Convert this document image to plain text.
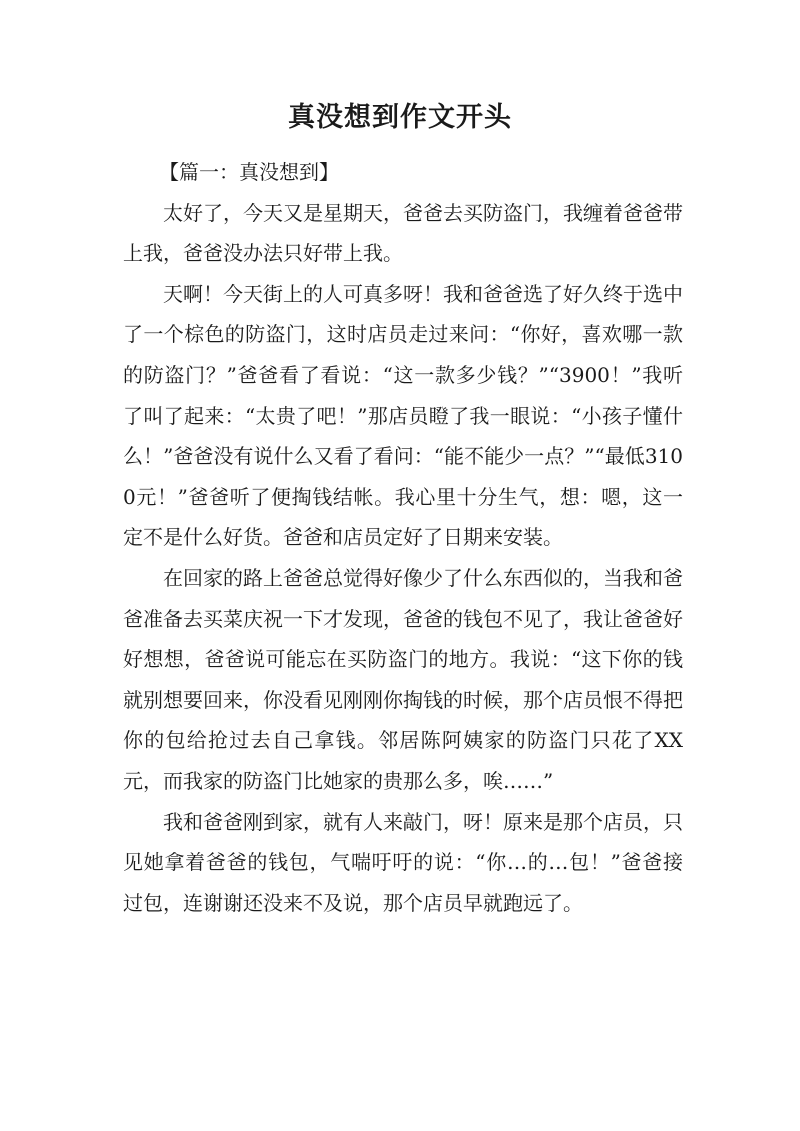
真没想到作文开头

【篇一：真没想到】

太好了，今天又是星期天，爸爸去买防盗门，我缠着爸爸带上我，爸爸没办法只好带上我。

天啊！今天街上的人可真多呀！我和爸爸选了好久终于选中了一个棕色的防盗门，这时店员走过来问：“你好，喜欢哪一款的防盗门？”爸爸看了看说：“这一款多少钱？”“3900！”我听了叫了起来：“太贵了吧！”那店员瞪了我一眼说：“小孩子懂什么！”爸爸没有说什么又看了看问：“能不能少一点？”“最低3100元！”爸爸听了便掏钱结帐。我心里十分生气，想：嗯，这一定不是什么好货。爸爸和店员定好了日期来安装。

在回家的路上爸爸总觉得好像少了什么东西似的，当我和爸爸准备去买菜庆祝一下才发现，爸爸的钱包不见了，我让爸爸好好想想，爸爸说可能忘在买防盗门的地方。我说：“这下你的钱就别想要回来，你没看见刚刚你掏钱的时候，那个店员恨不得把你的包给抢过去自己拿钱。邻居陈阿姨家的防盗门只花了XX元，而我家的防盗门比她家的贵那么多，唉……”

我和爸爸刚到家，就有人来敲门，呀！原来是那个店员，只见她拿着爸爸的钱包，气喘吁吁的说：“你…的…包！”爸爸接过包，连谢谢还没来不及说，那个店员早就跑远了。
